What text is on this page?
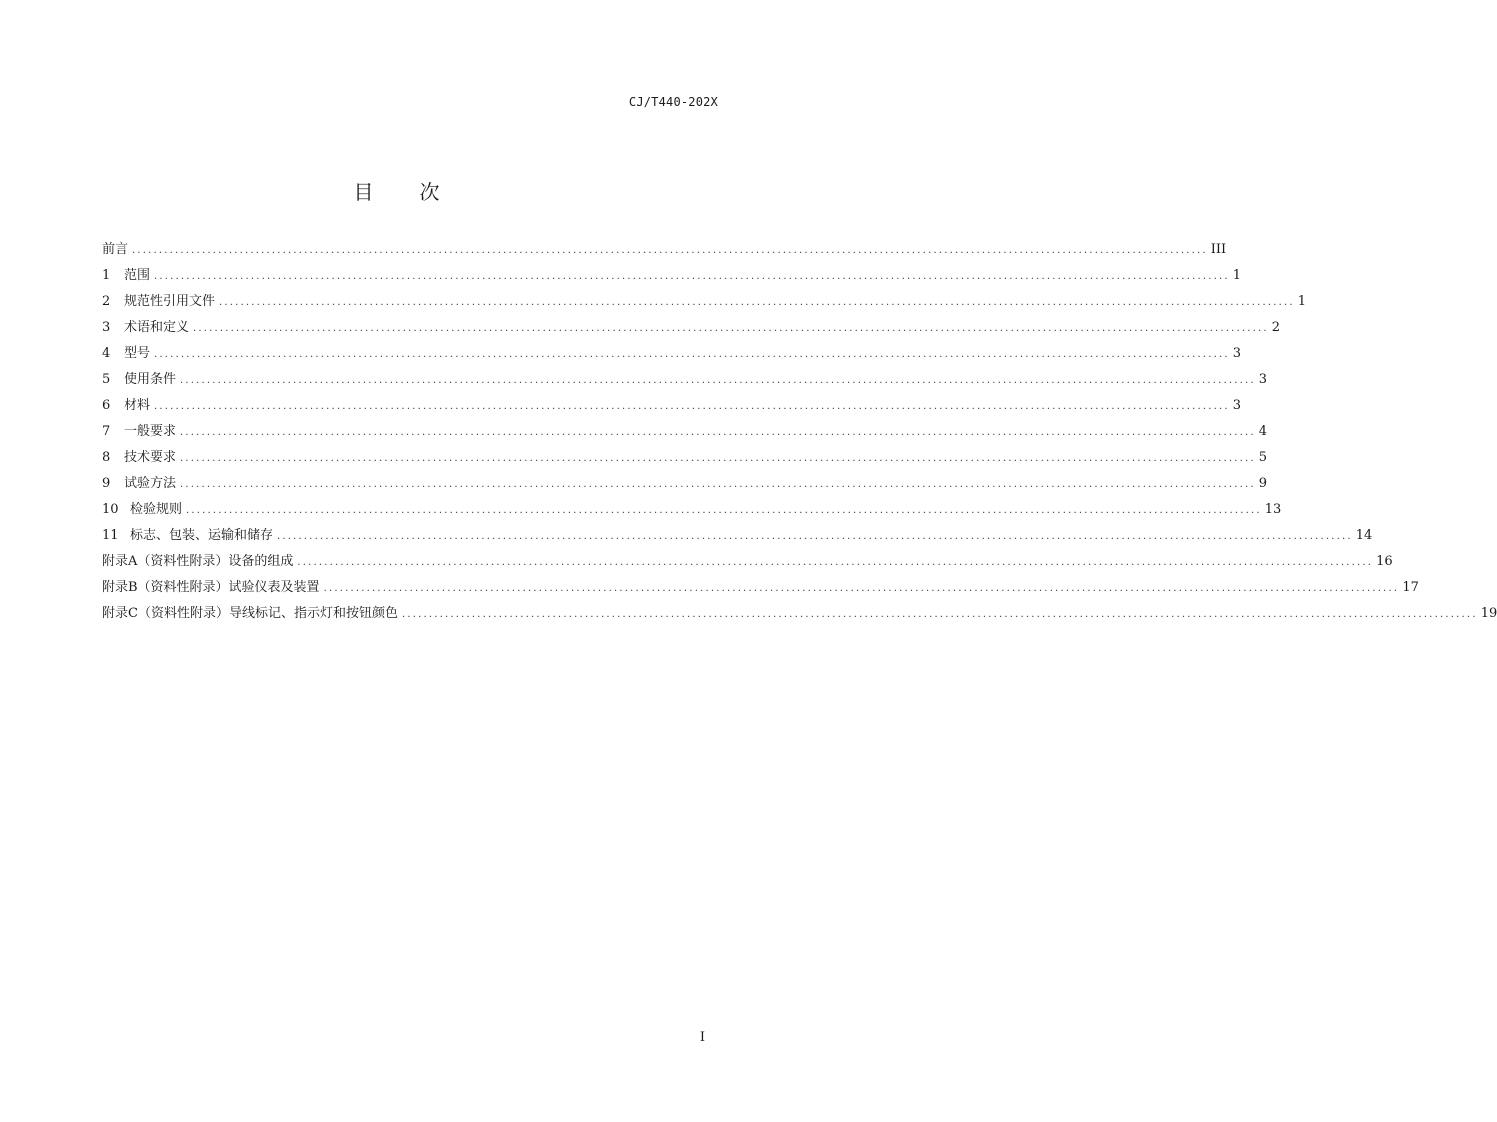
CJ/T440-202X
目次
前言 ........................................................................................................................................................................................................ III
1 范围 ........................................................................................................................................................................................................ 1
2 规范性引用文件 ........................................................................................................................................................................................................ 1
3 术语和定义 ........................................................................................................................................................................................................ 2
4 型号 ........................................................................................................................................................................................................ 3
5 使用条件 ........................................................................................................................................................................................................ 3
6 材料 ........................................................................................................................................................................................................ 3
7 一般要求 ........................................................................................................................................................................................................ 4
8 技术要求 ........................................................................................................................................................................................................ 5
9 试验方法 ........................................................................................................................................................................................................ 9
10 检验规则 ........................................................................................................................................................................................................ 13
11 标志、包装、运输和储存 ........................................................................................................................................................................................................ 14
附录A（资料性附录）设备的组成 ........................................................................................................................................................................................................ 16
附录B（资料性附录）试验仪表及装置 ........................................................................................................................................................................................................ 17
附录C（资料性附录）导线标记、指示灯和按钮颜色 ........................................................................................................................................................................................................ 19
I
